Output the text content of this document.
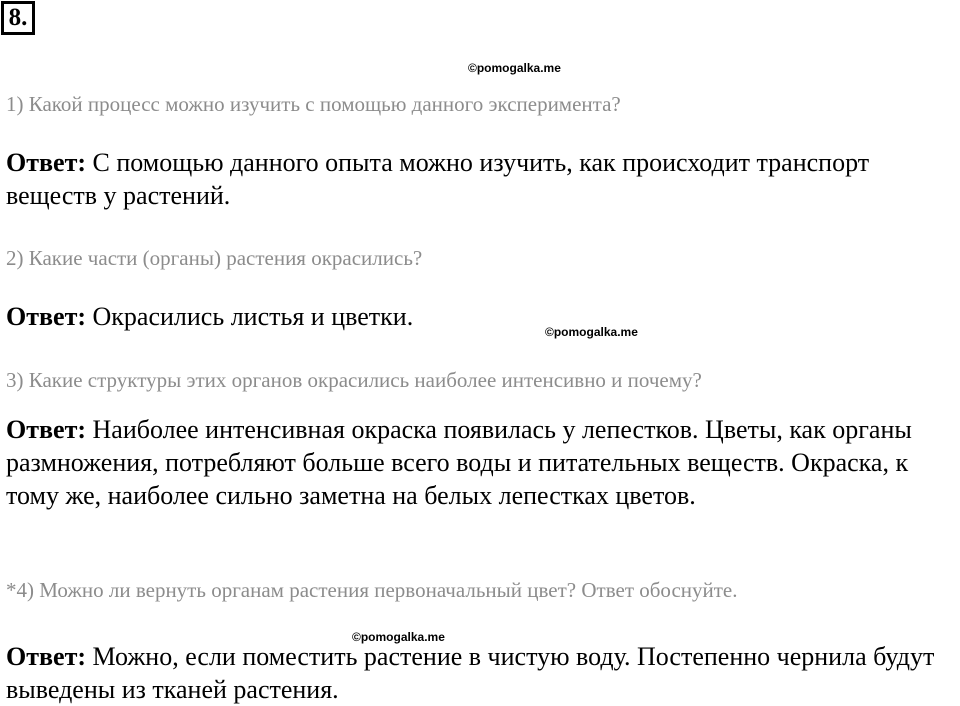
8.
©pomogalka.me
©pomogalka.me
©pomogalka.me
1) Какой процесс можно изучить с помощью данного эксперимента?
Ответ: С помощью данного опыта можно изучить, как происходит транспорт веществ у растений.
2) Какие части (органы) растения окрасились?
Ответ: Окрасились листья и цветки.
3) Какие структуры этих органов окрасились наиболее интенсивно и почему?
Ответ: Наиболее интенсивная окраска появилась у лепестков. Цветы, как органы размножения, потребляют больше всего воды и питательных веществ. Окраска, к тому же, наиболее сильно заметна на белых лепестках цветов.
*4) Можно ли вернуть органам растения первоначальный цвет? Ответ обоснуйте.
Ответ: Можно, если поместить растение в чистую воду. Постепенно чернила будут выведены из тканей растения.
